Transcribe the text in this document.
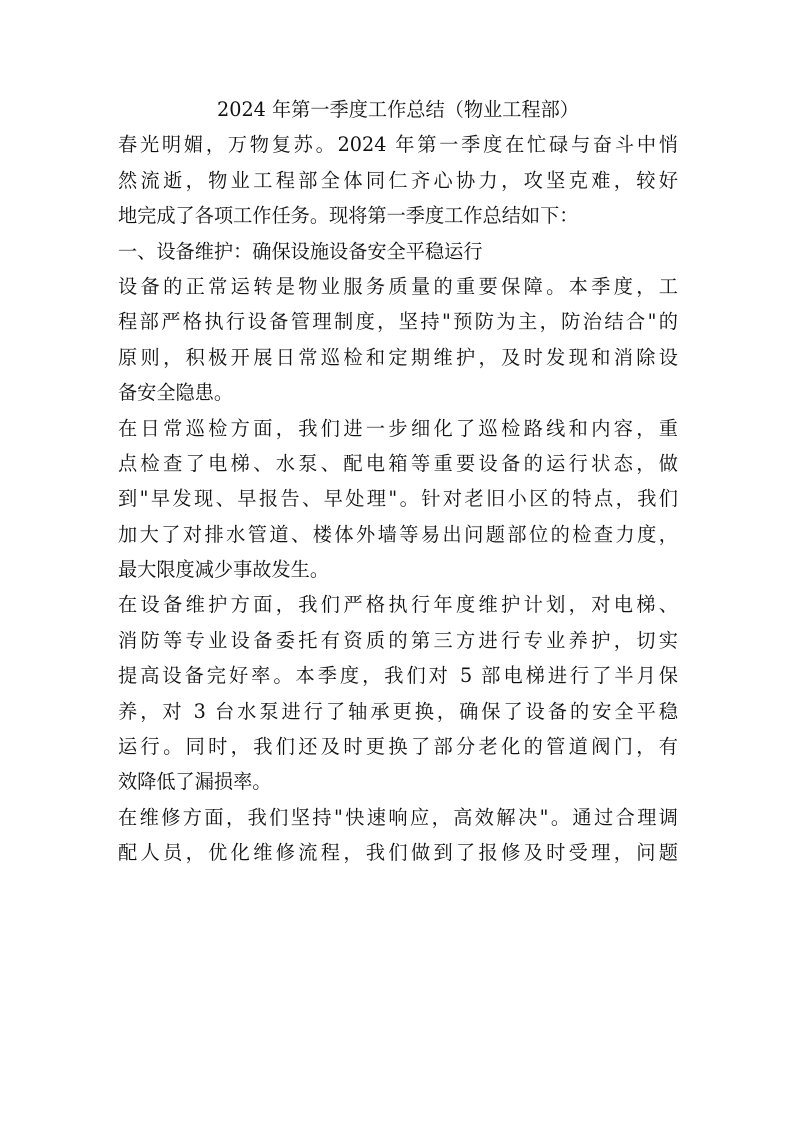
2024 年第一季度工作总结（物业工程部）
春光明媚，万物复苏。2024 年第一季度在忙碌与奋斗中悄
然流逝，物业工程部全体同仁齐心协力，攻坚克难，较好
地完成了各项工作任务。现将第一季度工作总结如下：
一、设备维护：确保设施设备安全平稳运行
设备的正常运转是物业服务质量的重要保障。本季度，工
程部严格执行设备管理制度，坚持"预防为主，防治结合"的
原则，积极开展日常巡检和定期维护，及时发现和消除设
备安全隐患。
在日常巡检方面，我们进一步细化了巡检路线和内容，重
点检查了电梯、水泵、配电箱等重要设备的运行状态，做
到"早发现、早报告、早处理"。针对老旧小区的特点，我们
加大了对排水管道、楼体外墙等易出问题部位的检查力度，
最大限度减少事故发生。
在设备维护方面，我们严格执行年度维护计划，对电梯、
消防等专业设备委托有资质的第三方进行专业养护，切实
提高设备完好率。本季度，我们对 5 部电梯进行了半月保
养，对 3 台水泵进行了轴承更换，确保了设备的安全平稳
运行。同时，我们还及时更换了部分老化的管道阀门，有
效降低了漏损率。
在维修方面，我们坚持"快速响应，高效解决"。通过合理调
配人员，优化维修流程，我们做到了报修及时受理，问题
